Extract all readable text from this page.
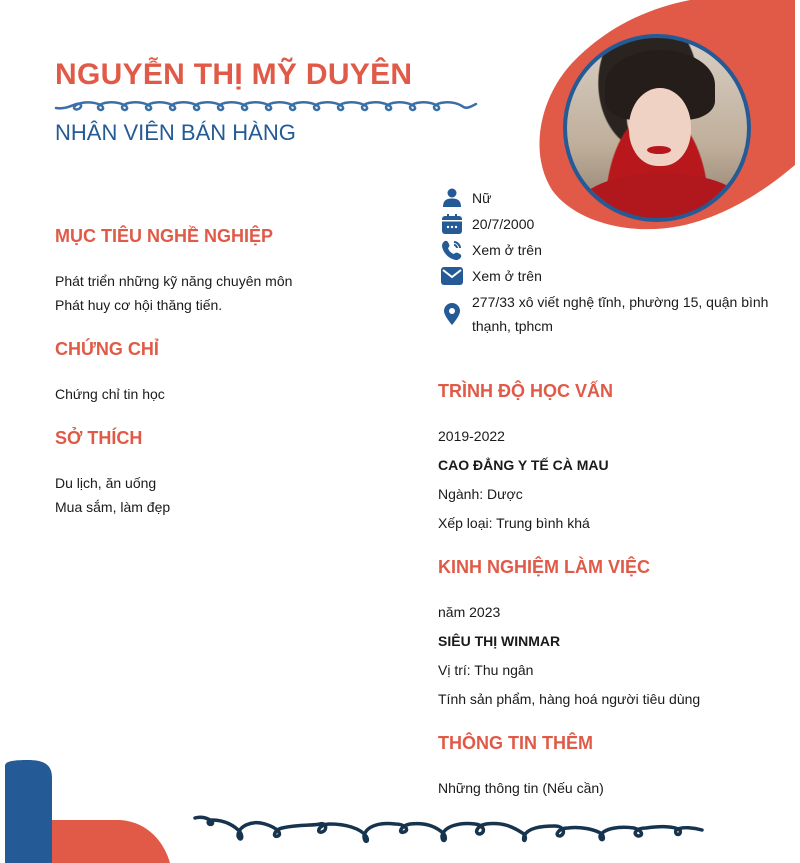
NGUYỄN THỊ MỸ DUYÊN
NHÂN VIÊN BÁN HÀNG
Nữ
20/7/2000
Xem ở trên
Xem ở trên
277/33 xô viết nghệ tĩnh, phường 15, quận bình
thạnh, tphcm
MỤC TIÊU NGHỀ NGHIỆP
Phát triển những kỹ năng chuyên môn
Phát huy cơ hội thăng tiến.
CHỨNG CHỈ
Chứng chỉ tin học
SỞ THÍCH
Du lịch, ăn uống
Mua sắm, làm đẹp
TRÌNH ĐỘ HỌC VẤN
2019-2022
CAO ĐẲNG Y TẾ CÀ MAU
Ngành: Dược
Xếp loại: Trung bình khá
KINH NGHIỆM LÀM VIỆC
năm 2023
SIÊU THỊ WINMAR
Vị trí: Thu ngân
Tính sản phẩm, hàng hoá người tiêu dùng
THÔNG TIN THÊM
Những thông tin (Nếu cần)
